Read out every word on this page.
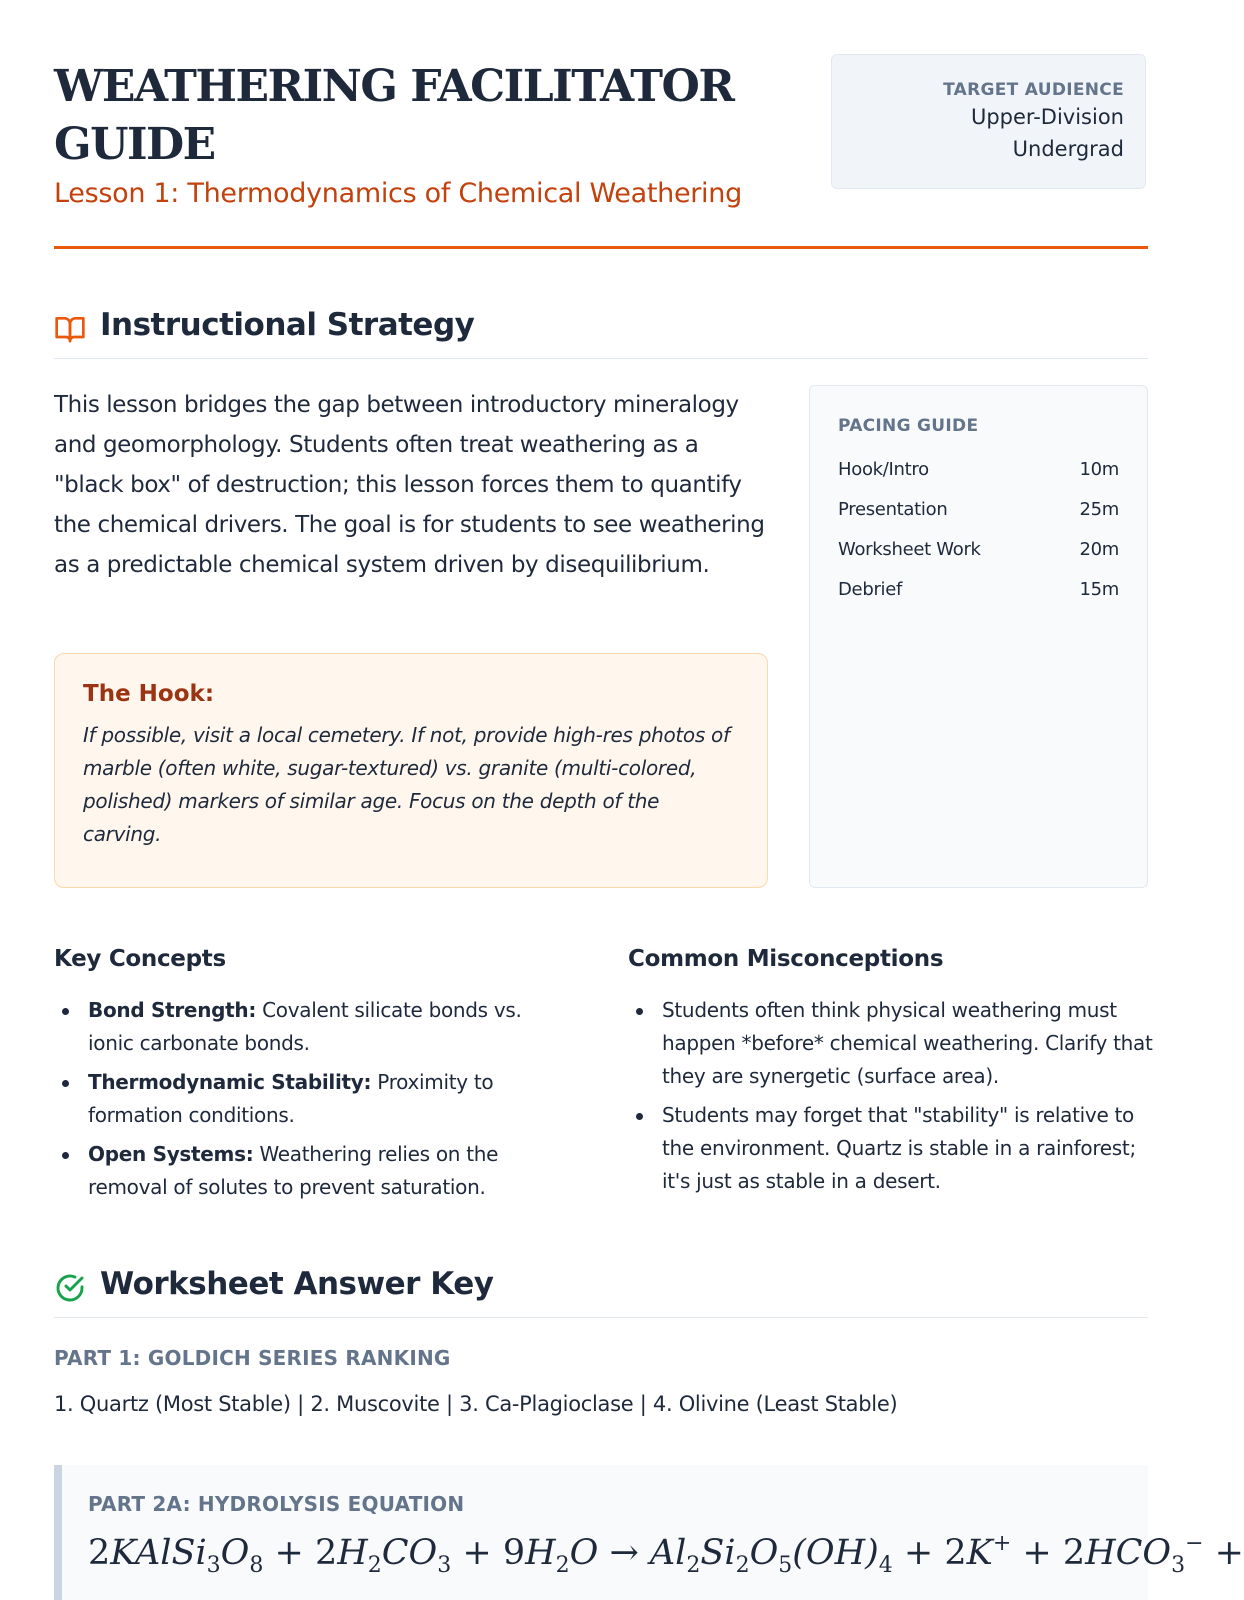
WEATHERING FACILITATOR GUIDE
Lesson 1: Thermodynamics of Chemical Weathering
TARGET AUDIENCE
Upper-Division
Undergrad
Instructional Strategy

This lesson bridges the gap between introductory mineralogy and geomorphology. Students often treat weathering as a "black box" of destruction; this lesson forces them to quantify the chemical drivers. The goal is for students to see weathering as a predictable chemical system driven by disequilibrium.

The Hook:

If possible, visit a local cemetery. If not, provide high-res photos of marble (often white, sugar-textured) vs. granite (multi-colored, polished) markers of similar age. Focus on the depth of the carving.

PACING GUIDE
Hook/Intro	10m
Presentation	25m
Worksheet Work	20m
Debrief	15m
Key Concepts
Bond Strength: Covalent silicate bonds vs. ionic carbonate bonds.
Thermodynamic Stability: Proximity to formation conditions.
Open Systems: Weathering relies on the removal of solutes to prevent saturation.
Common Misconceptions
Students often think physical weathering must happen *before* chemical weathering. Clarify that they are synergetic (surface area).
Students may forget that "stability" is relative to the environment. Quartz is stable in a rainforest; it's just as stable in a desert.
Worksheet Answer Key
PART 1: GOLDICH SERIES RANKING
1. Quartz (Most Stable) | 2. Muscovite | 3. Ca-Plagioclase | 4. Olivine (Least Stable)
PART 2A: HYDROLYSIS EQUATION
$2KAlSi_3O_8 + 2H_2CO_3 + 9H_2O \to Al_2Si_2O_5(OH)_4 + 2K^+ + 2HCO_3^-$ +
